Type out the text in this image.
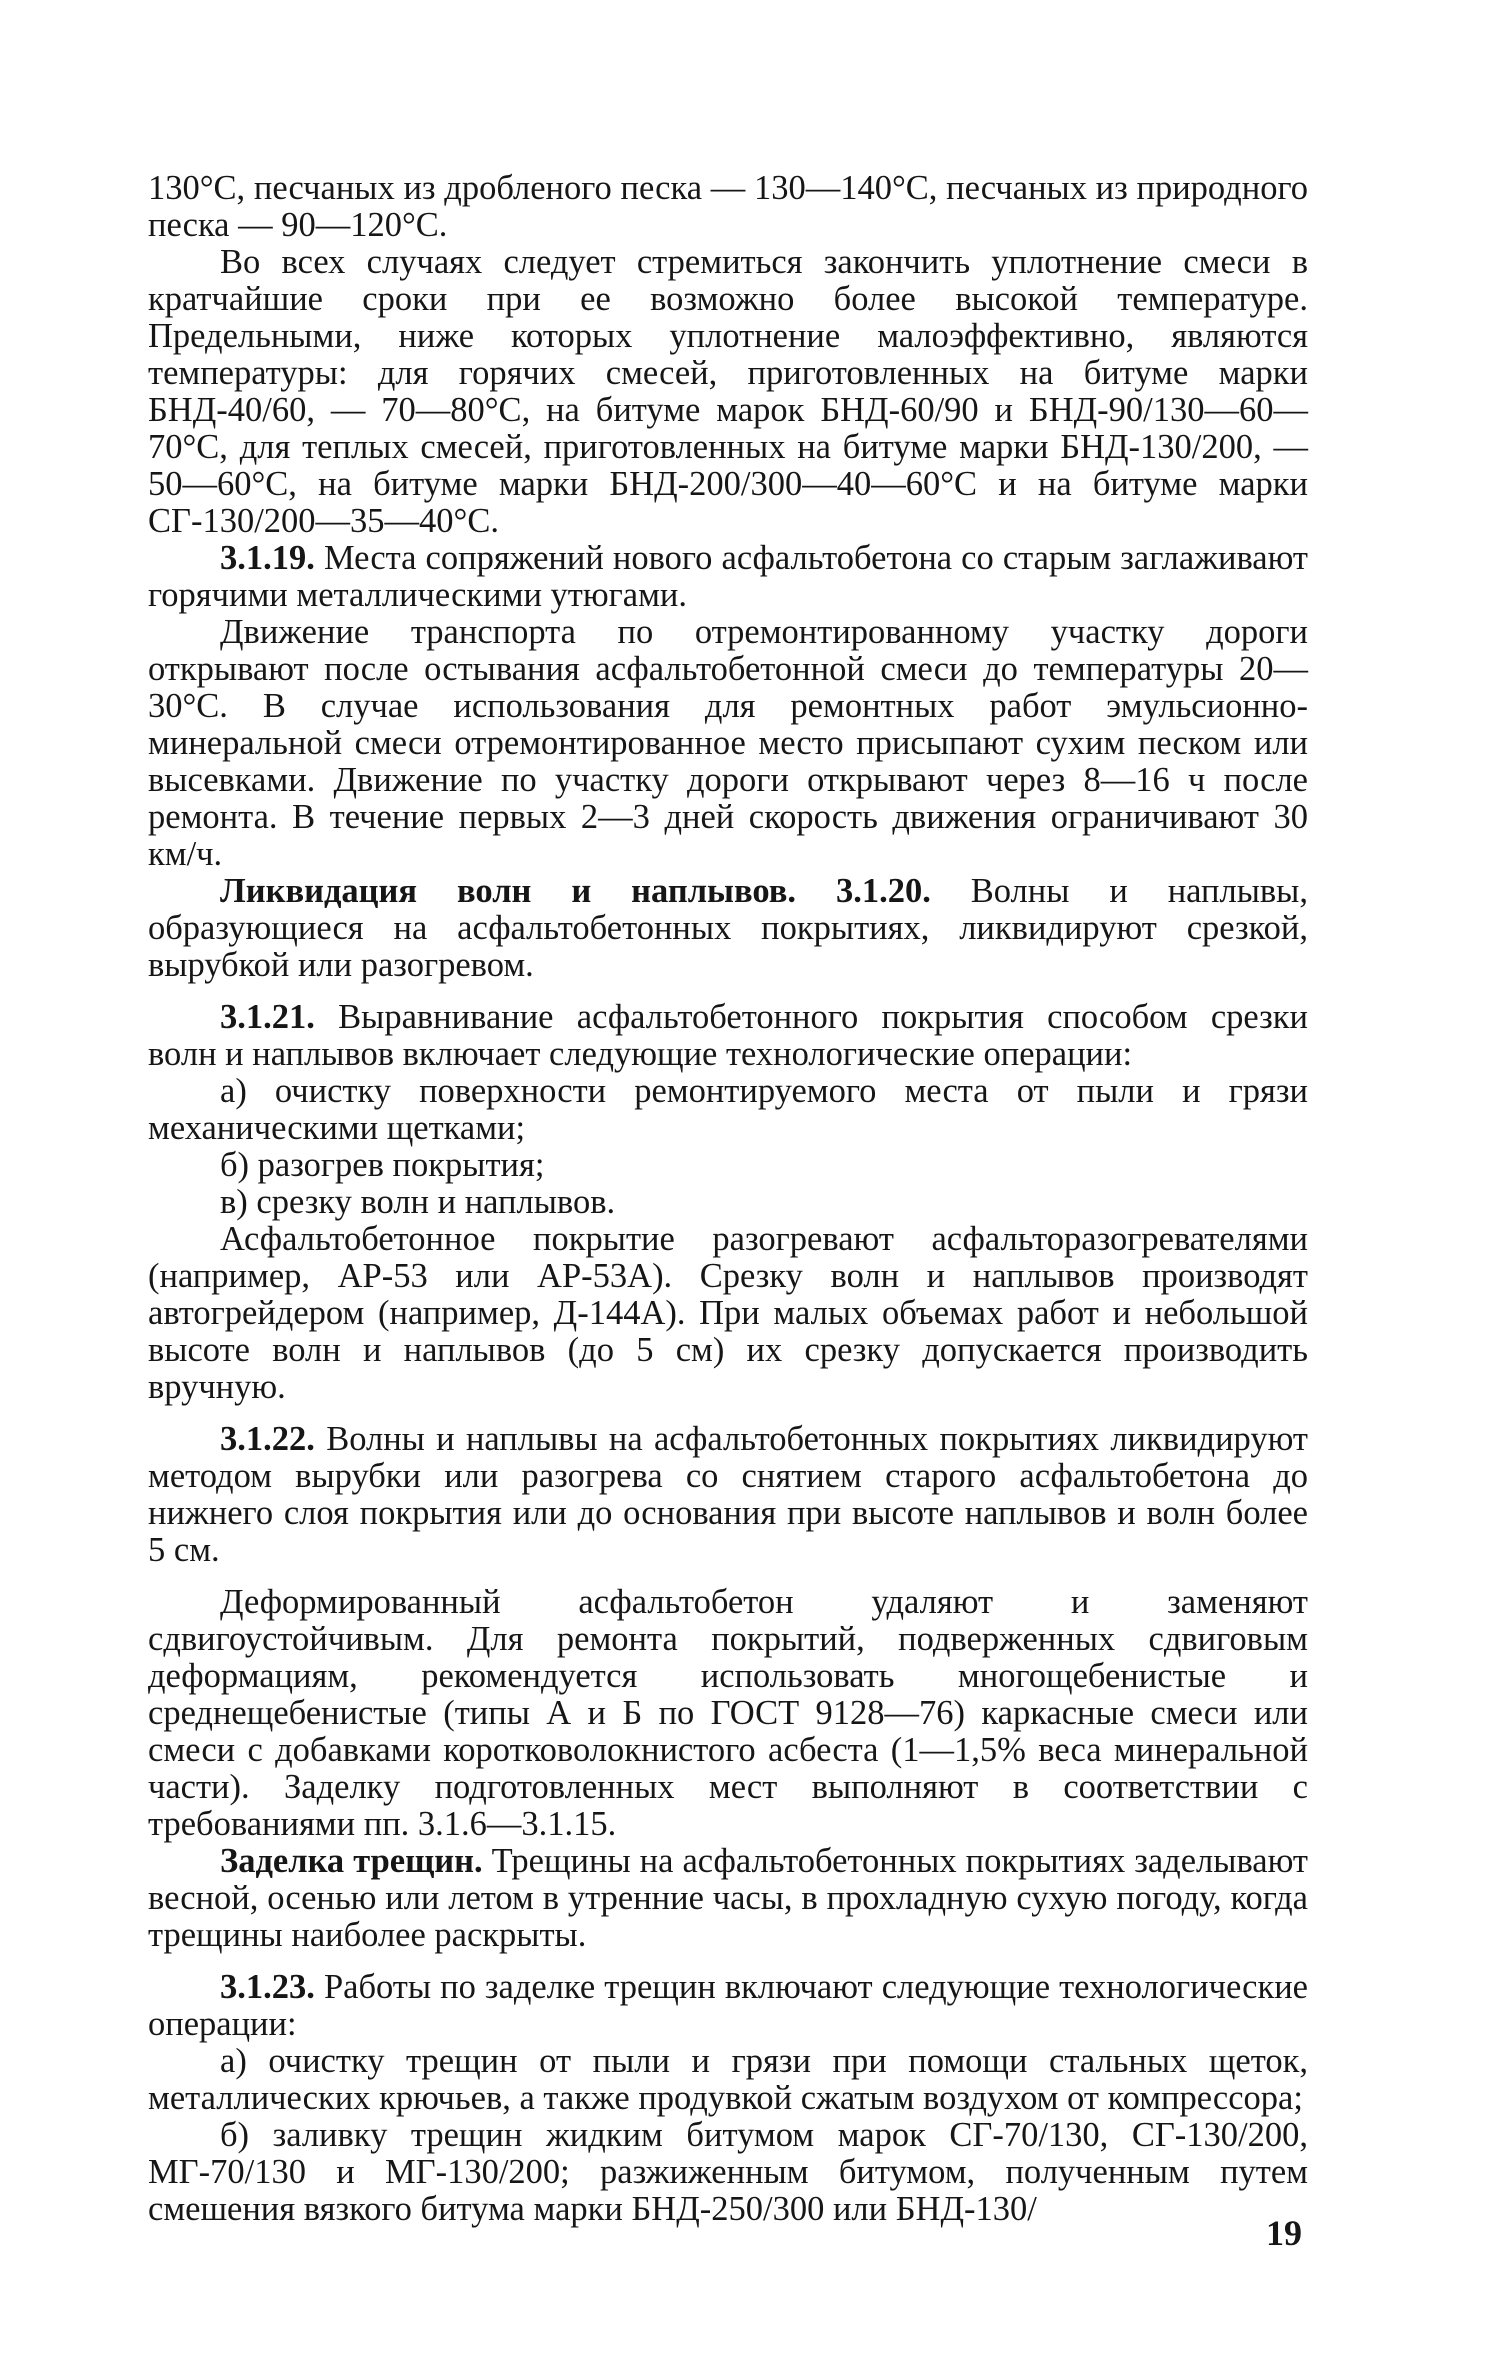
130°С, песчаных из дробленого песка — 130—140°С, песчаных из природного песка — 90—120°С.

Во всех случаях следует стремиться закончить уплотнение смеси в кратчайшие сроки при ее возможно более высокой температуре. Предельными, ниже которых уплотнение малоэффективно, являются температуры: для горячих смесей, приготовленных на битуме марки БНД-40/60, — 70—80°С, на битуме марок БНД-60/90 и БНД-90/130—60—70°С, для теплых смесей, приготовленных на битуме марки БНД-130/200, — 50—60°С, на битуме марки БНД-200/300—40—60°С и на битуме марки СГ-130/200—35—40°С.

3.1.19. Места сопряжений нового асфальтобетона со старым заглаживают горячими металлическими утюгами.

Движение транспорта по отремонтированному участку дороги открывают после остывания асфальтобетонной смеси до температуры 20—30°С. В случае использования для ремонтных работ эмульсионно-минеральной смеси отремонтированное место присыпают сухим песком или высевками. Движение по участку дороги открывают через 8—16 ч после ремонта. В течение первых 2—3 дней скорость движения ограничивают 30 км/ч.

Ликвидация волн и наплывов. 3.1.20. Волны и наплывы, образующиеся на асфальтобетонных покрытиях, ликвидируют срезкой, вырубкой или разогревом.

3.1.21. Выравнивание асфальтобетонного покрытия способом срезки волн и наплывов включает следующие технологические операции:

а) очистку поверхности ремонтируемого места от пыли и грязи механическими щетками;

б) разогрев покрытия;

в) срезку волн и наплывов.

Асфальтобетонное покрытие разогревают асфальторазогревателями (например, АР-53 или АР-53А). Срезку волн и наплывов производят автогрейдером (например, Д-144А). При малых объемах работ и небольшой высоте волн и наплывов (до 5 см) их срезку допускается производить вручную.

3.1.22. Волны и наплывы на асфальтобетонных покрытиях ликвидируют методом вырубки или разогрева со снятием старого асфальтобетона до нижнего слоя покрытия или до основания при высоте наплывов и волн более 5 см.

Деформированный асфальтобетон удаляют и заменяют сдвигоустойчивым. Для ремонта покрытий, подверженных сдвиговым деформациям, рекомендуется использовать многощебенистые и среднещебенистые (типы А и Б по ГОСТ 9128—76) каркасные смеси или смеси с добавками коротковолокнистого асбеста (1—1,5% веса минеральной части). Заделку подготовленных мест выполняют в соответствии с требованиями пп. 3.1.6—3.1.15.

Заделка трещин. Трещины на асфальтобетонных покрытиях заделывают весной, осенью или летом в утренние часы, в прохладную сухую погоду, когда трещины наиболее раскрыты.

3.1.23. Работы по заделке трещин включают следующие технологические операции:

а) очистку трещин от пыли и грязи при помощи стальных щеток, металлических крючьев, а также продувкой сжатым воздухом от компрессора;

б) заливку трещин жидким битумом марок СГ-70/130, СГ-130/200, МГ-70/130 и МГ-130/200; разжиженным битумом, полученным путем смешения вязкого битума марки БНД-250/300 или БНД-130/

19
